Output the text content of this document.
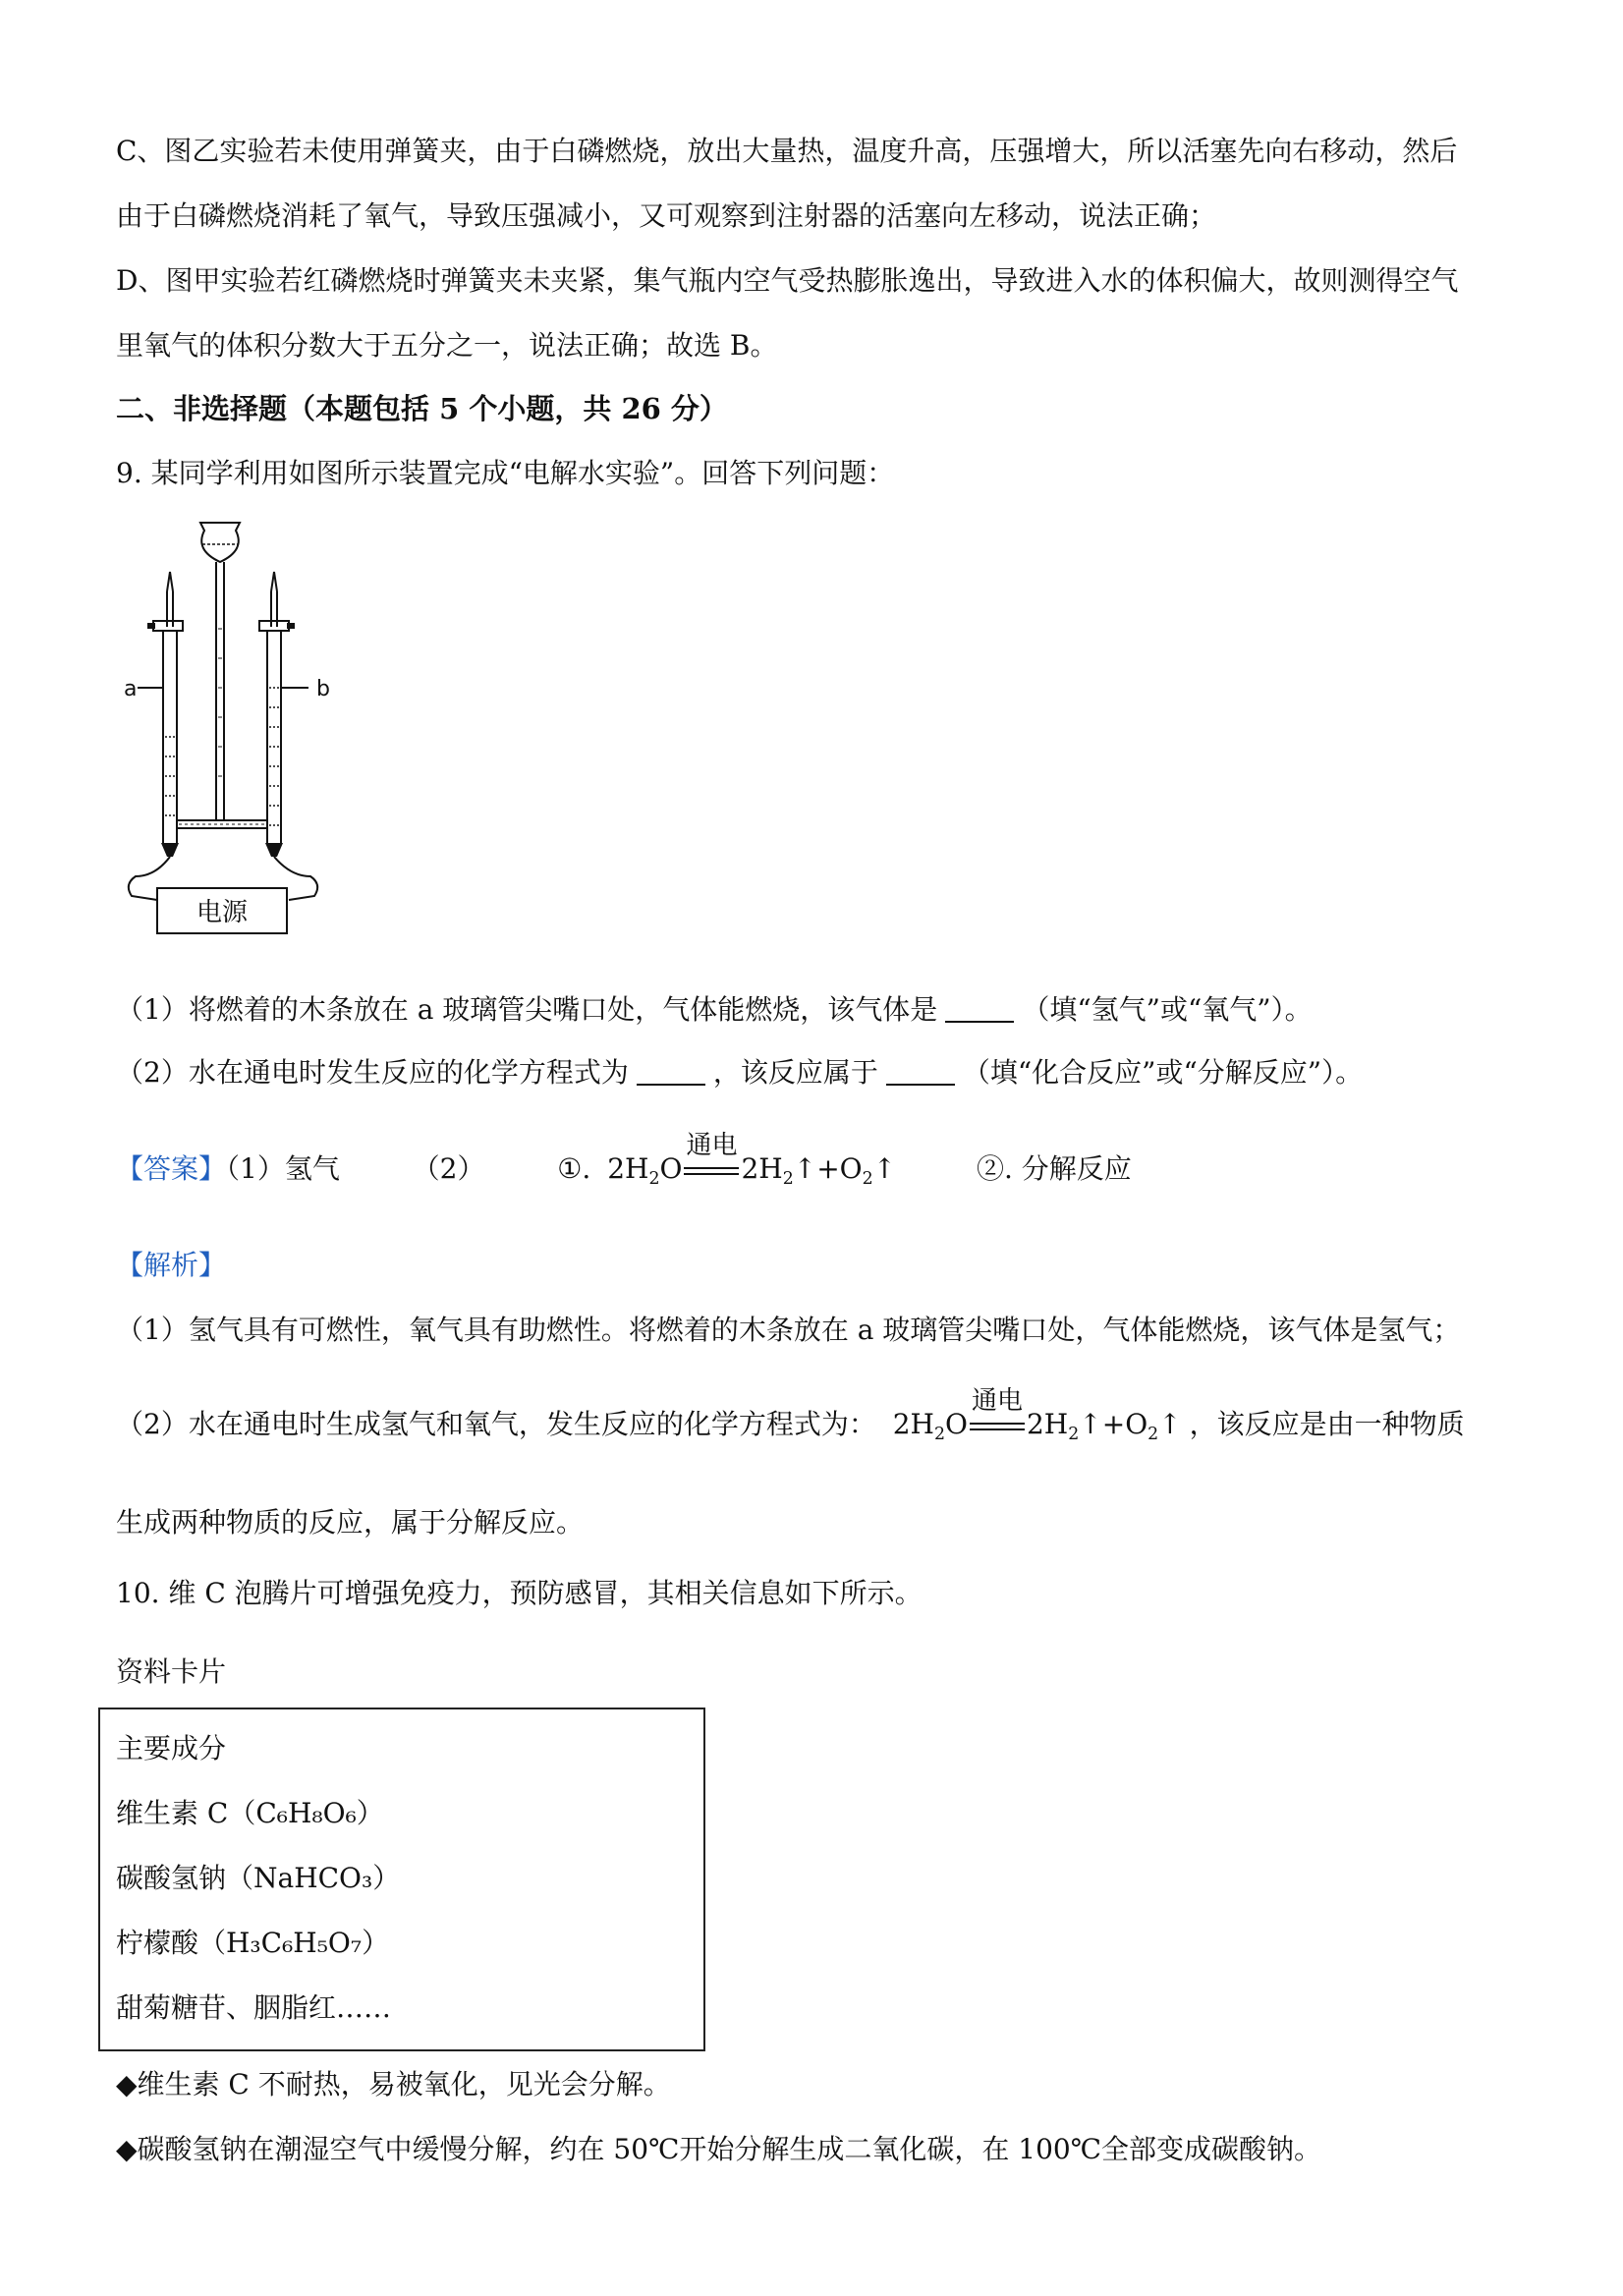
C、图乙实验若未使用弹簧夹，由于白磷燃烧，放出大量热，温度升高，压强增大，所以活塞先向右移动，然后
由于白磷燃烧消耗了氧气，导致压强减小，又可观察到注射器的活塞向左移动，说法正确；
D、图甲实验若红磷燃烧时弹簧夹未夹紧，集气瓶内空气受热膨胀逸出，导致进入水的体积偏大，故则测得空气
里氧气的体积分数大于五分之一，说法正确；故选 B。
二、非选择题（本题包括 5 个小题，共 26 分）
9. 某同学利用如图所示装置完成“电解水实验”。回答下列问题：
a	b
电源
（1）将燃着的木条放在 a 玻璃管尖嘴口处，气体能燃烧，该气体是	（填“氢气”或“氧气”）。
（2）水在通电时发生反应的化学方程式为	，该反应属于	（填“化合反应”或“分解反应”）。
【答案】（1）氢气	（2）	①. $2H_2O$
通电
$2H_2↑+O_2↑$	②. 分解反应
【解析】
（1）氢气具有可燃性，氧气具有助燃性。将燃着的木条放在 a 玻璃管尖嘴口处，气体能燃烧，该气体是氢气；
（2）水在通电时生成氢气和氧气，发生反应的化学方程式为： $2H_2O$
通电
$2H_2↑+O_2↑$ ，该反应是由一种物质
生成两种物质的反应，属于分解反应。
10. 维 C 泡腾片可增强免疫力，预防感冒，其相关信息如下所示。
资料卡片
主要成分
维生素 C（C₆H₈O₆）
碳酸氢钠（NaHCO₃）
柠檬酸（H₃C₆H₅O₇）
甜菊糖苷、胭脂红……
◆维生素 C 不耐热，易被氧化，见光会分解。
◆碳酸氢钠在潮湿空气中缓慢分解，约在 50℃开始分解生成二氧化碳，在 100℃全部变成碳酸钠。
